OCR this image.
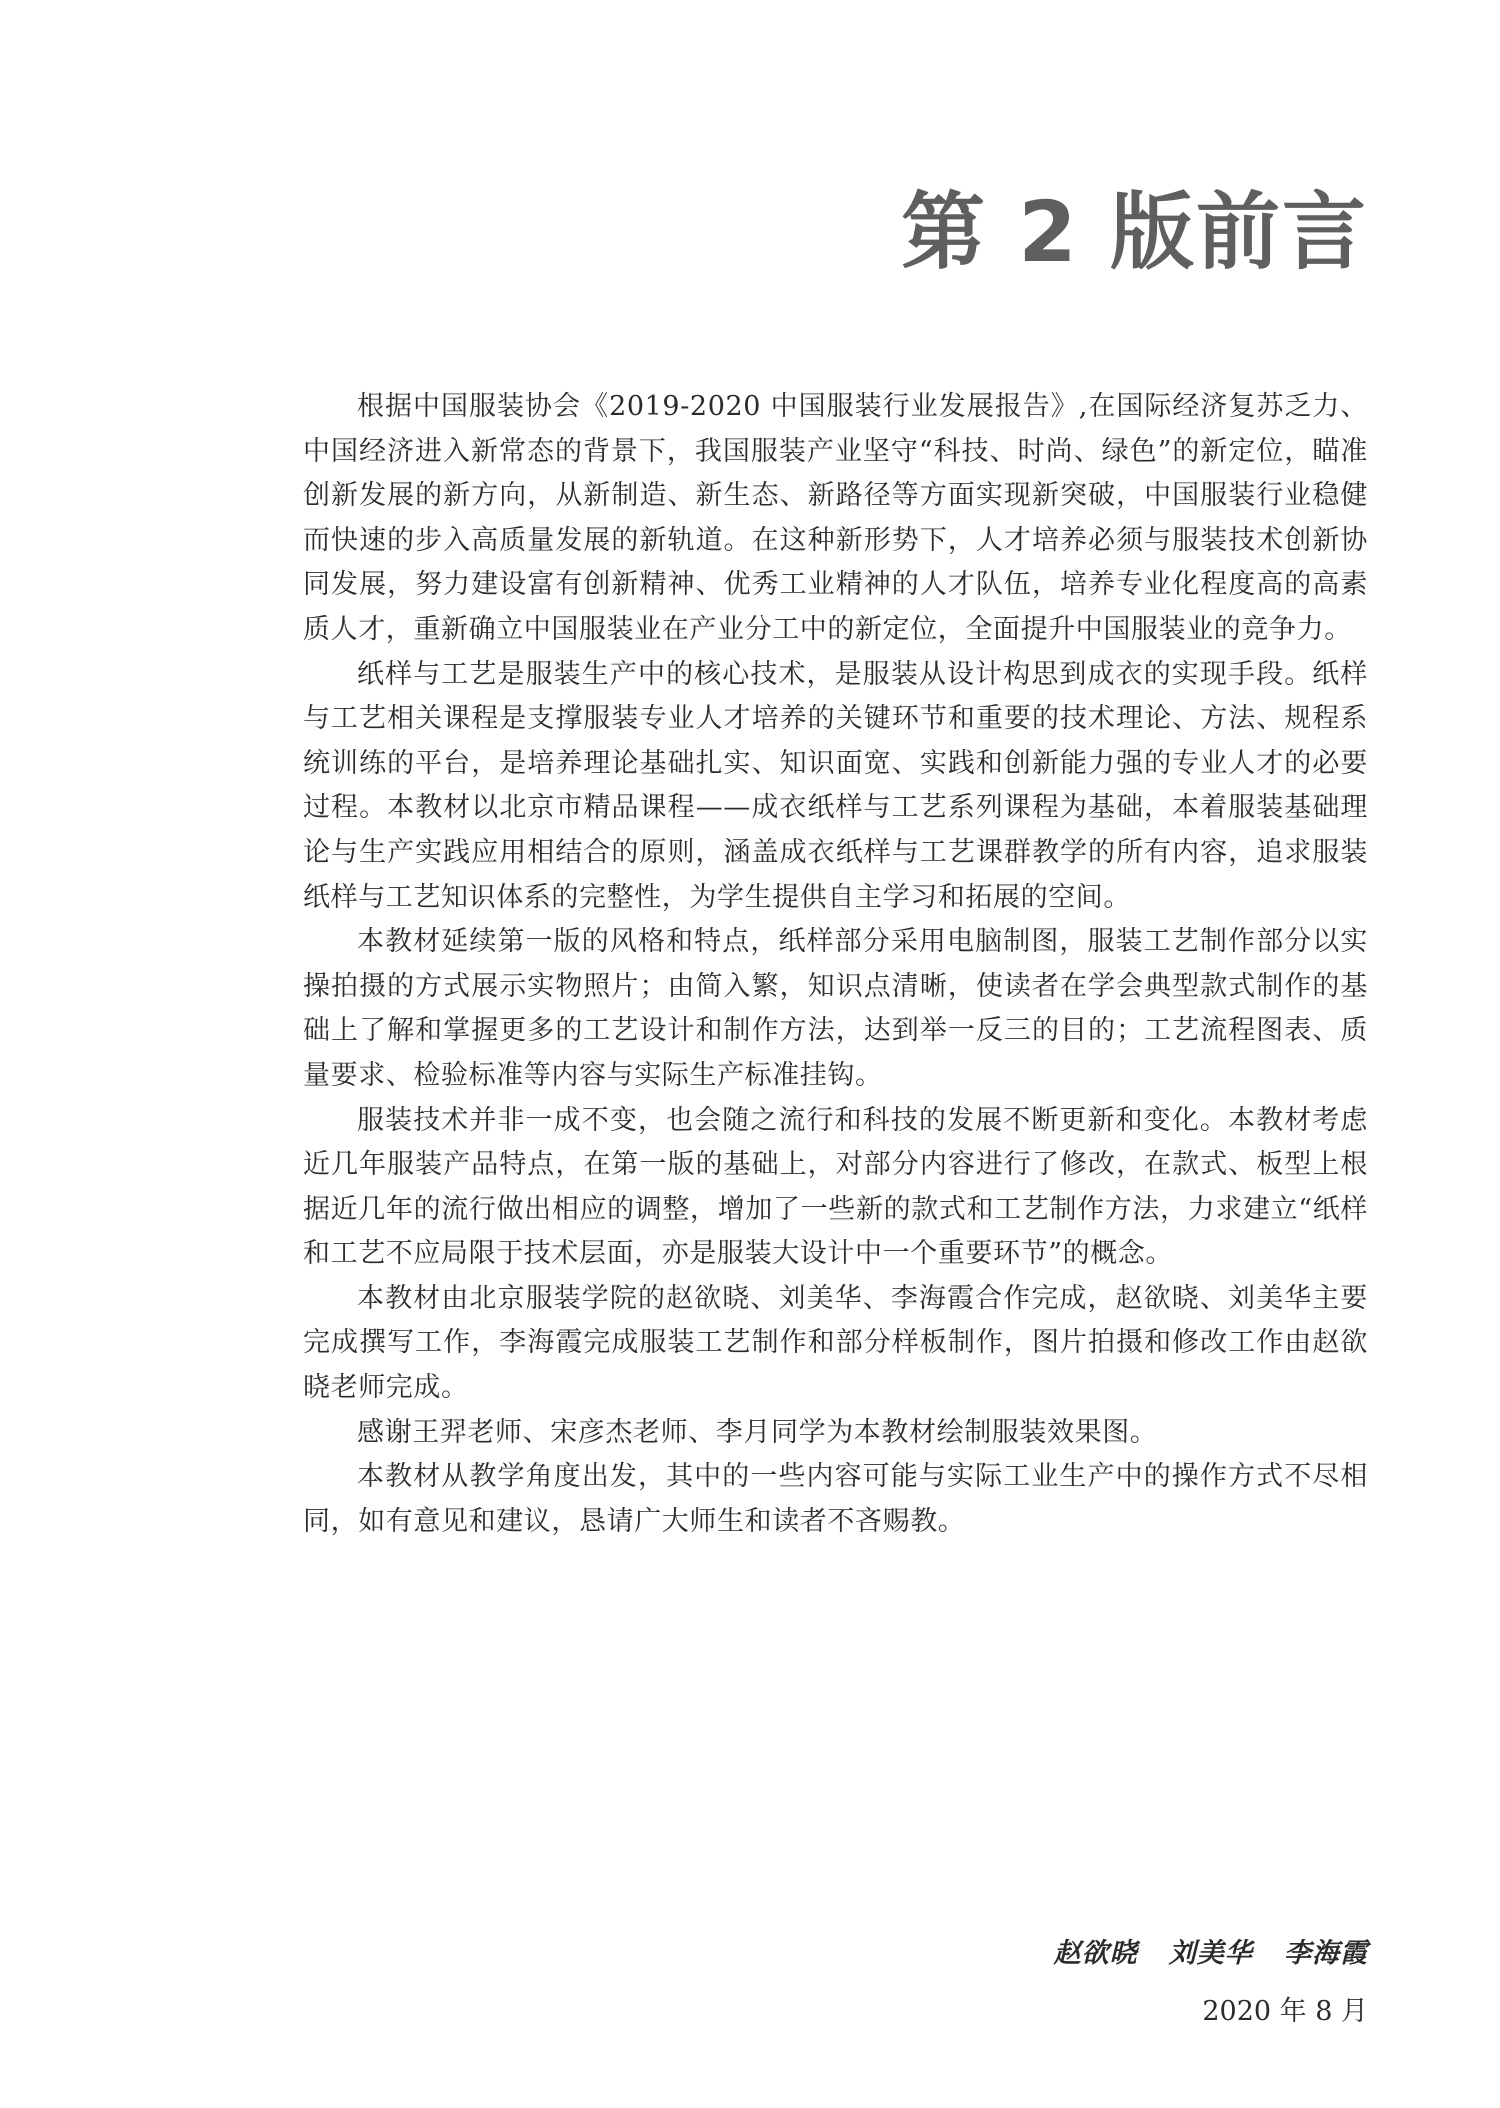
第 2 版前言

根据中国服装协会《2019-2020 中国服装行业发展报告》,在国际经济复苏乏力、中国经济进入新常态的背景下，我国服装产业坚守“科技、时尚、绿色”的新定位，瞄准创新发展的新方向，从新制造、新生态、新路径等方面实现新突破，中国服装行业稳健而快速的步入高质量发展的新轨道。在这种新形势下，人才培养必须与服装技术创新协同发展，努力建设富有创新精神、优秀工业精神的人才队伍，培养专业化程度高的高素质人才，重新确立中国服装业在产业分工中的新定位，全面提升中国服装业的竞争力。

纸样与工艺是服装生产中的核心技术，是服装从设计构思到成衣的实现手段。纸样与工艺相关课程是支撑服装专业人才培养的关键环节和重要的技术理论、方法、规程系统训练的平台，是培养理论基础扎实、知识面宽、实践和创新能力强的专业人才的必要过程。本教材以北京市精品课程——成衣纸样与工艺系列课程为基础，本着服装基础理论与生产实践应用相结合的原则，涵盖成衣纸样与工艺课群教学的所有内容，追求服装纸样与工艺知识体系的完整性，为学生提供自主学习和拓展的空间。

本教材延续第一版的风格和特点，纸样部分采用电脑制图，服装工艺制作部分以实操拍摄的方式展示实物照片；由简入繁，知识点清晰，使读者在学会典型款式制作的基础上了解和掌握更多的工艺设计和制作方法，达到举一反三的目的；工艺流程图表、质量要求、检验标准等内容与实际生产标准挂钩。

服装技术并非一成不变，也会随之流行和科技的发展不断更新和变化。本教材考虑近几年服装产品特点，在第一版的基础上，对部分内容进行了修改，在款式、板型上根据近几年的流行做出相应的调整，增加了一些新的款式和工艺制作方法，力求建立“纸样和工艺不应局限于技术层面，亦是服装大设计中一个重要环节”的概念。

本教材由北京服装学院的赵欲晓、刘美华、李海霞合作完成，赵欲晓、刘美华主要完成撰写工作，李海霞完成服装工艺制作和部分样板制作，图片拍摄和修改工作由赵欲晓老师完成。

感谢王羿老师、宋彦杰老师、李月同学为本教材绘制服装效果图。

本教材从教学角度出发，其中的一些内容可能与实际工业生产中的操作方式不尽相同，如有意见和建议，恳请广大师生和读者不吝赐教。

赵欲晓   刘美华   李海霞
2020 年 8 月
